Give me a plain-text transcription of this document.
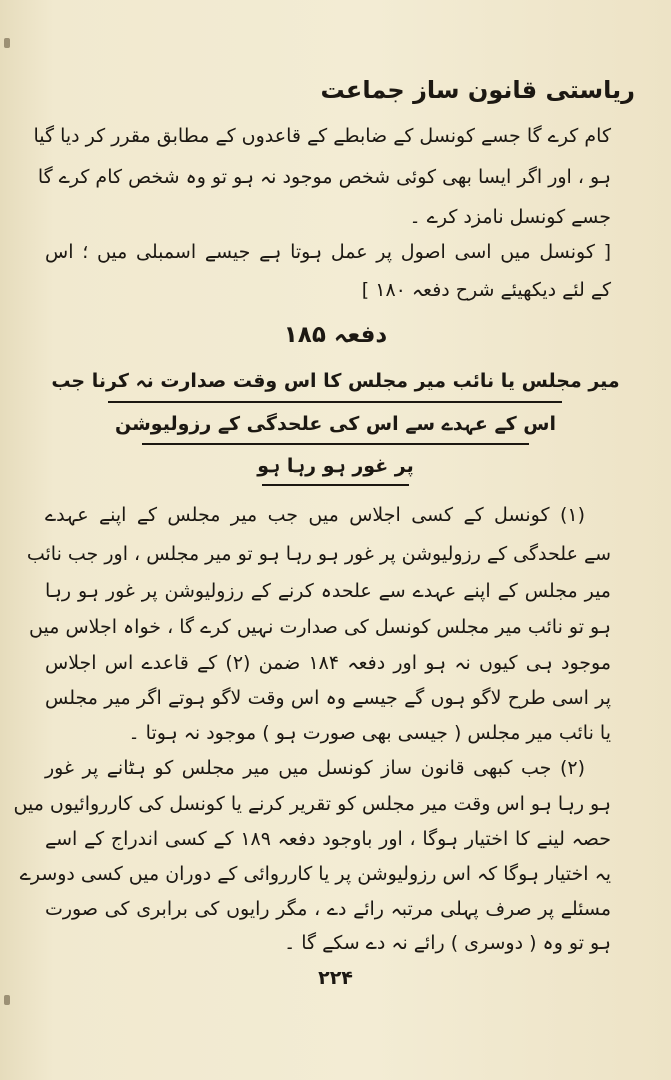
ریاستی قانون ساز جماعت
کام کرے گا جسے کونسل کے ضابطے کے قاعدوں کے مطابق مقرر کر دیا گیا
ہو ، اور اگر ایسا بھی کوئی شخص موجود نہ ہو تو وہ شخص کام کرے گا
جسے کونسل نامزد کرے ۔
[ کونسل میں اسی اصول پر عمل ہوتا ہے جیسے اسمبلی میں ؛ اس
کے لئے دیکھیئے شرح دفعہ ۱۸۰ ]
دفعہ ۱۸۵
میر مجلس یا نائب میر مجلس کا اس وقت صدارت نہ کرنا جب
اس کے عہدے سے اس کی علحدگی کے رزولیوشن
پر غور ہو رہا ہو
(۱) کونسل کے کسی اجلاس میں جب میر مجلس کے اپنے عہدے
سے علحدگی کے رزولیوشن پر غور ہو رہا ہو تو میر مجلس ، اور جب نائب
میر مجلس کے اپنے عہدے سے علحدہ کرنے کے رزولیوشن پر غور ہو رہا
ہو تو نائب میر مجلس کونسل کی صدارت نہیں کرے گا ، خواہ اجلاس میں
موجود ہی کیوں نہ ہو اور دفعہ ۱۸۴ ضمن (۲) کے قاعدے اس اجلاس
پر اسی طرح لاگو ہوں گے جیسے وہ اس وقت لاگو ہوتے اگر میر مجلس
یا نائب میر مجلس ( جیسی بھی صورت ہو ) موجود نہ ہوتا ۔
(۲) جب کبھی قانون ساز کونسل میں میر مجلس کو ہٹانے پر غور
ہو رہا ہو اس وقت میر مجلس کو تقریر کرنے یا کونسل کی کارروائیوں میں
حصہ لینے کا اختیار ہوگا ، اور باوجود دفعہ ۱۸۹ کے کسی اندراج کے اسے
یہ اختیار ہوگا کہ اس رزولیوشن پر یا کارروائی کے دوران میں کسی دوسرے
مسئلے پر صرف پہلی مرتبہ رائے دے ، مگر رایوں کی برابری کی صورت
ہو تو وہ ( دوسری ) رائے نہ دے سکے گا ۔
۲۲۴
